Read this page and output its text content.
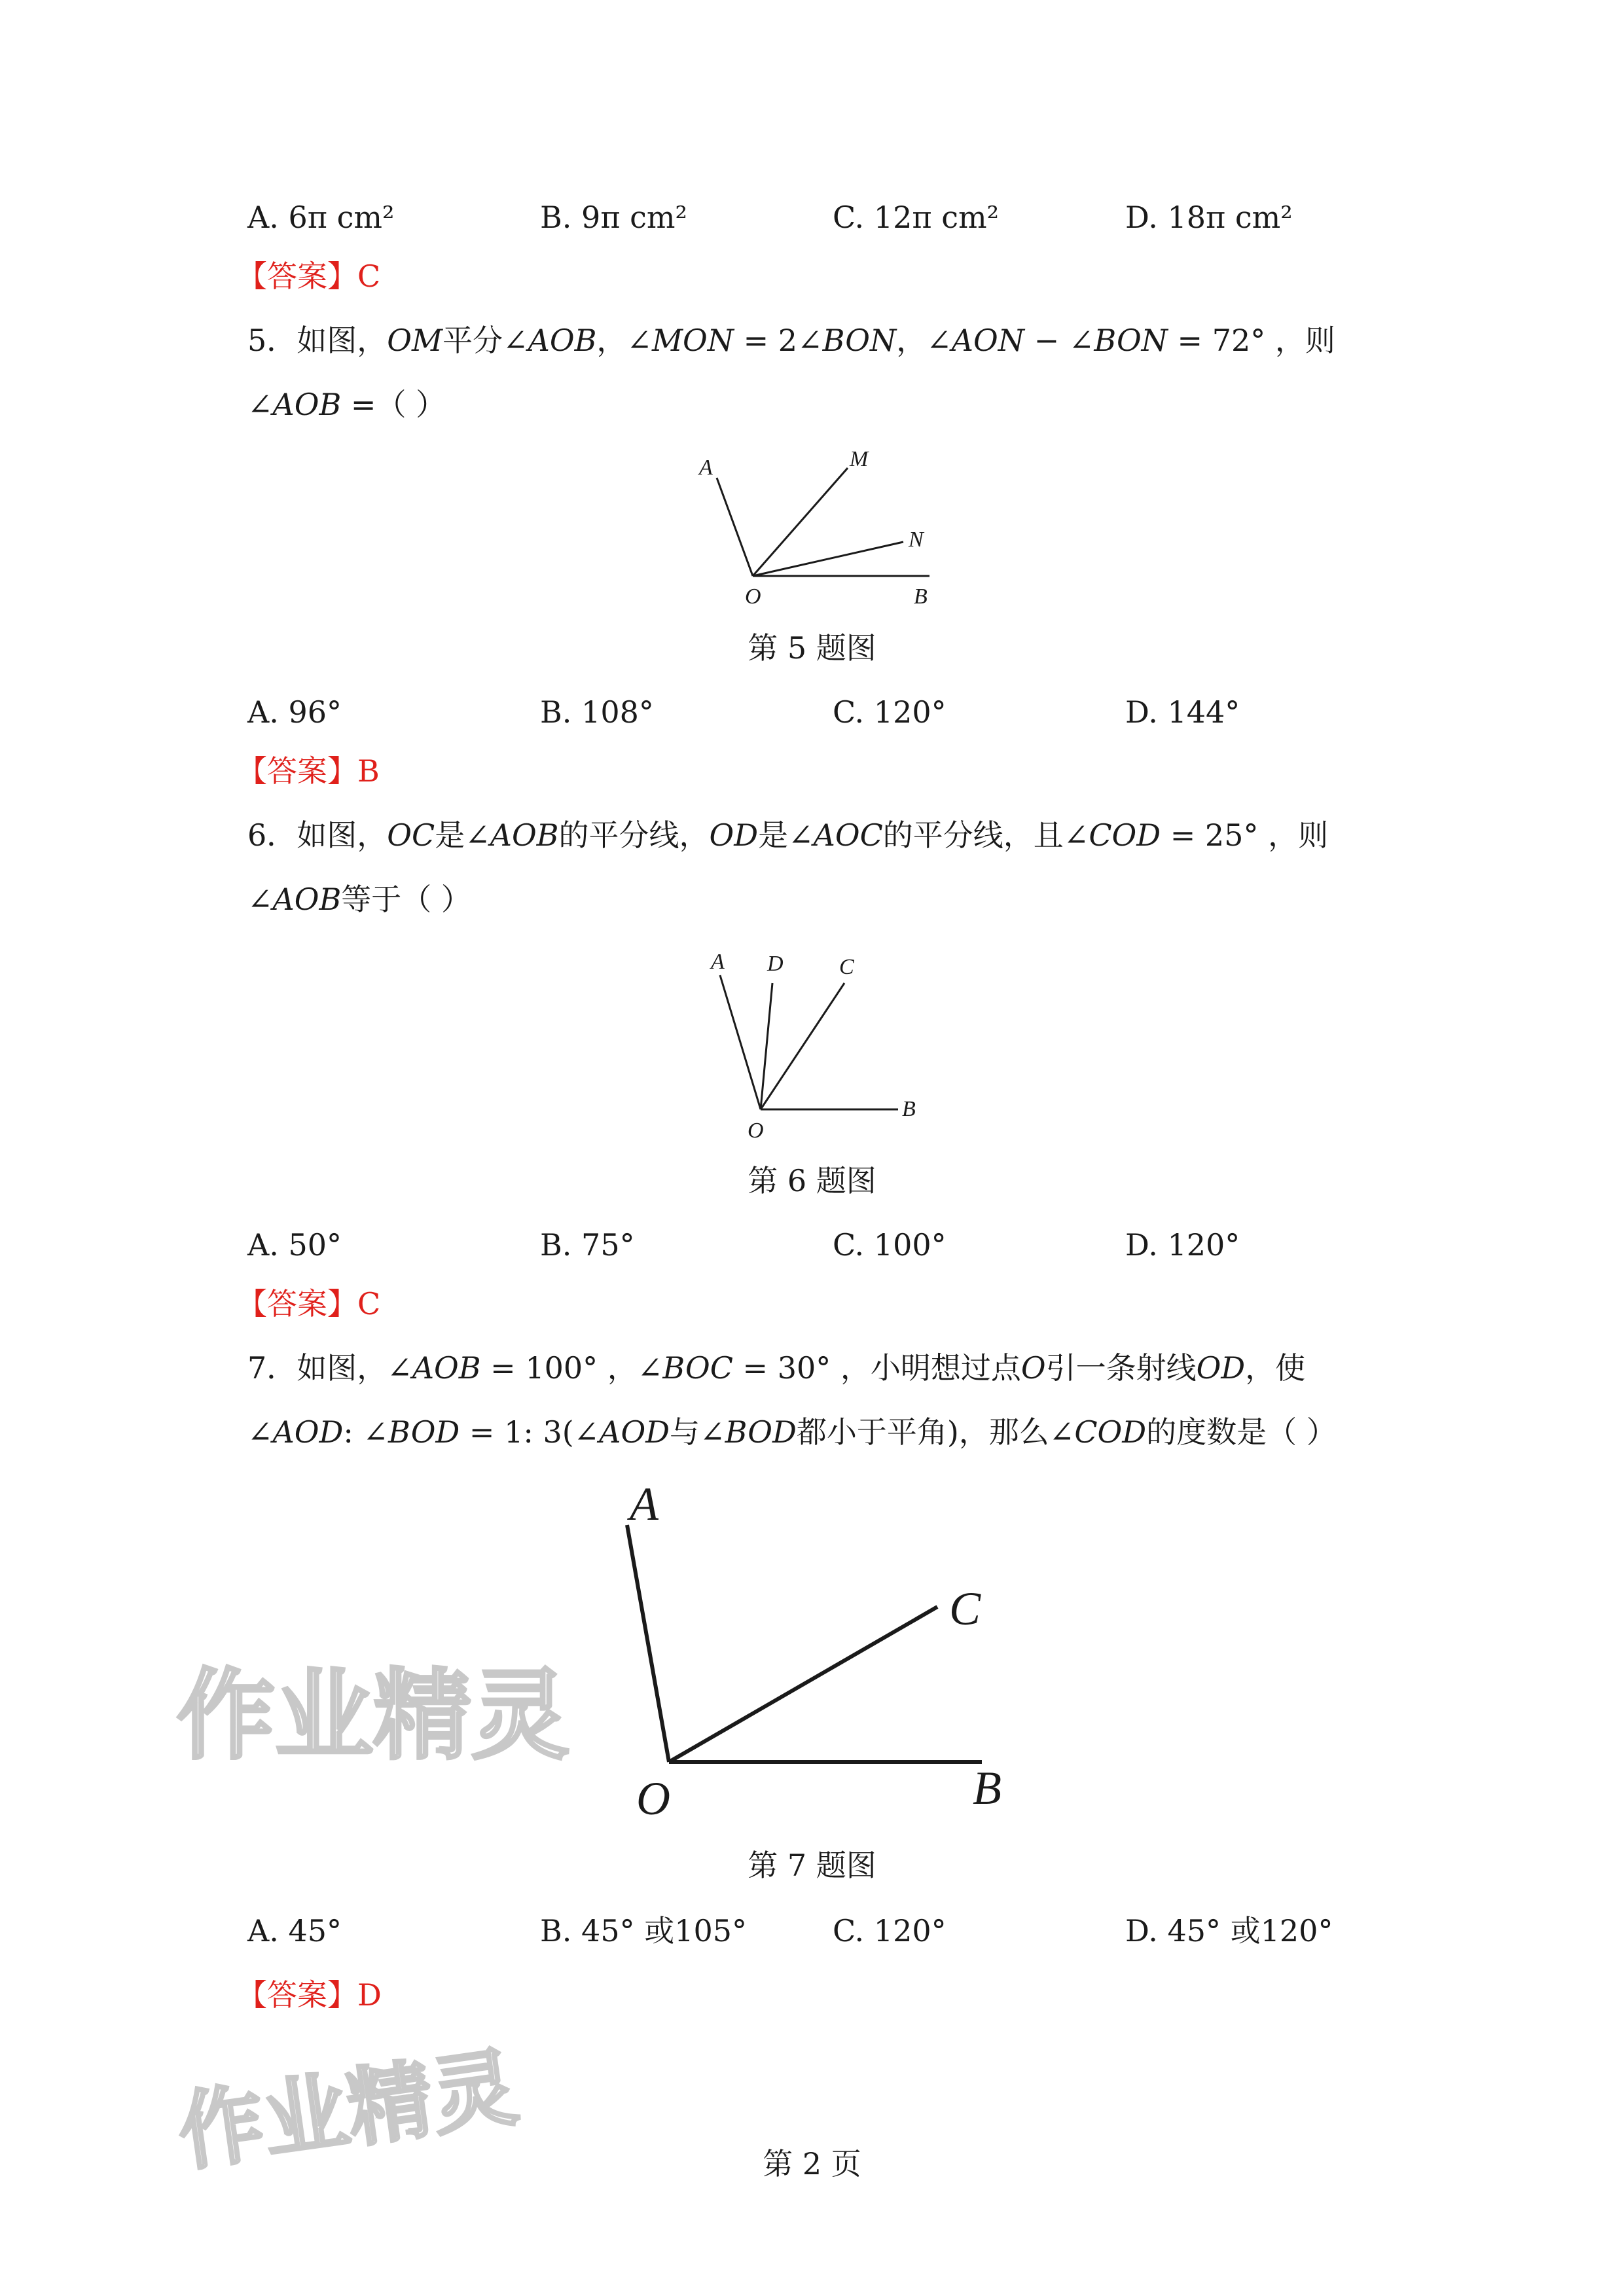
A. 6π cm²	B. 9π cm²	C. 12π cm²	D. 18π cm²
【答案】C
5．如图，OM平分∠AOB，∠MON = 2∠BON，∠AON − ∠BON = 72° ，则
∠AOB =（ ）
A	M
N
O	B
第 5 题图
A. 96°	B. 108°	C. 120°	D. 144°
【答案】B
6．如图，OC是∠AOB的平分线，OD是∠AOC的平分线，且∠COD = 25° ，则
∠AOB等于（ ）
A D	C
O
B
第 6 题图
A. 50°	B. 75°	C. 100°	D. 120°
【答案】C
7．如图，∠AOB = 100° ，∠BOC = 30° ，小明想过点O引一条射线OD，使
∠AOD: ∠BOD = 1: 3(∠AOD与∠BOD都小于平角)，那么∠COD的度数是（ ）
A
C
O	B
第 7 题图
A. 45°	B. 45° 或105°	C. 120°	D. 45° 或120°
【答案】D
作业精灵
作业精灵	第 2 页
